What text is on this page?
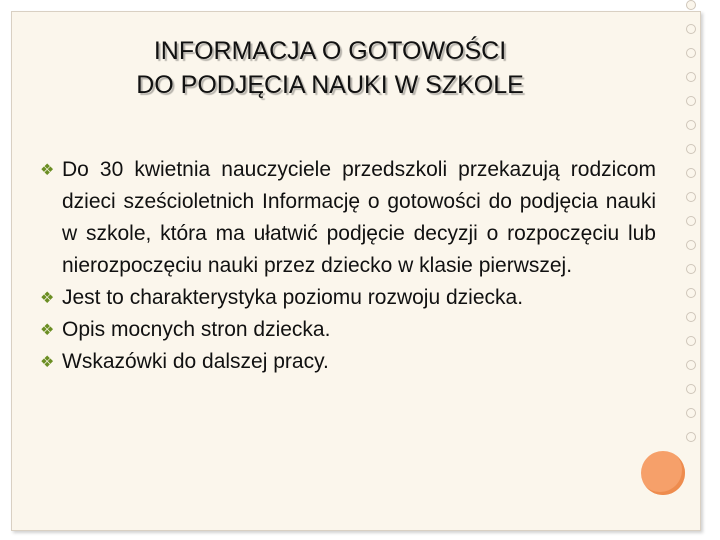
INFORMACJA O GOTOWOŚCI
DO PODJĘCIA NAUKI W SZKOLE
❖ Do 30 kwietnia nauczyciele przedszkoli przekazują rodzicom dzieci sześcioletnich Informację o gotowości do podjęcia nauki w szkole, która ma ułatwić podjęcie decyzji o rozpoczęciu lub nierozpoczęciu nauki przez dziecko w klasie pierwszej.
❖ Jest to charakterystyka poziomu rozwoju dziecka.
❖ Opis mocnych stron dziecka.
❖ Wskazówki do dalszej pracy.
